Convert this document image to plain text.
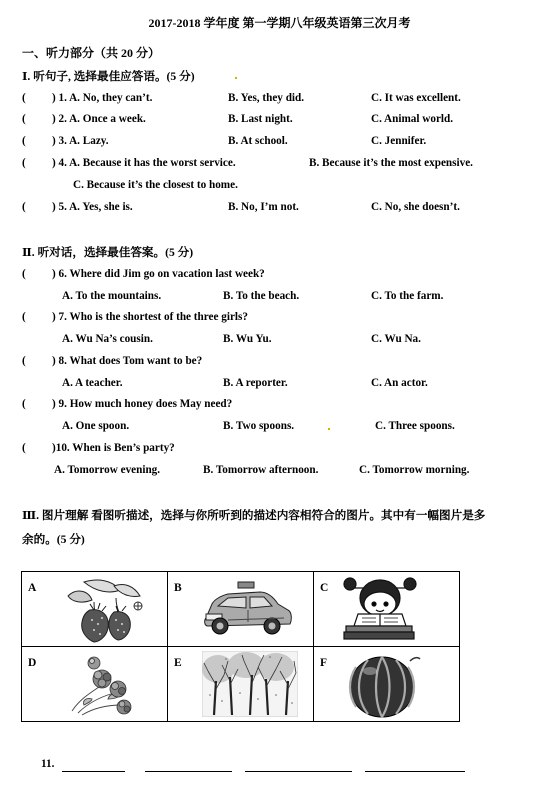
2017-2018 学年度 第一学期八年级英语第三次月考
一、听力部分（共 20 分）
Ⅰ. 听句子, 选择最佳应答语。(5 分)
( ) 1. A. No, they can’t.	B. Yes, they did.	C. It was excellent.
( ) 2. A. Once a week.	B. Last night.	C. Animal world.
( ) 3. A. Lazy.	B. At school.	C. Jennifer.
( ) 4. A. Because it has the worst service.	B. Because it’s the most expensive.
C. Because it’s the closest to home.
( ) 5. A. Yes, she is.	B. No, I’m not.	C. No, she doesn’t.
Ⅱ. 听对话，选择最佳答案。(5 分)
( ) 6. Where did Jim go on vacation last week?
A. To the mountains.	B. To the beach.	C. To the farm.
( ) 7. Who is the shortest of the three girls?
A. Wu Na’s cousin.	B. Wu Yu.	C. Wu Na.
( ) 8. What does Tom want to be?
A. A teacher.	B. A reporter.	C. An actor.
( ) 9. How much honey does May need?
A. One spoon.	B. Two spoons.	C. Three spoons.
( )10. When is Ben’s party?
A. Tomorrow evening.	B. Tomorrow afternoon.	C. Tomorrow morning.
Ⅲ. 图片理解 看图听描述，选择与你所听到的描述内容相符合的图片。其中有一幅图片是多
余的。(5 分)
A	B	C

D	E	F
11.
